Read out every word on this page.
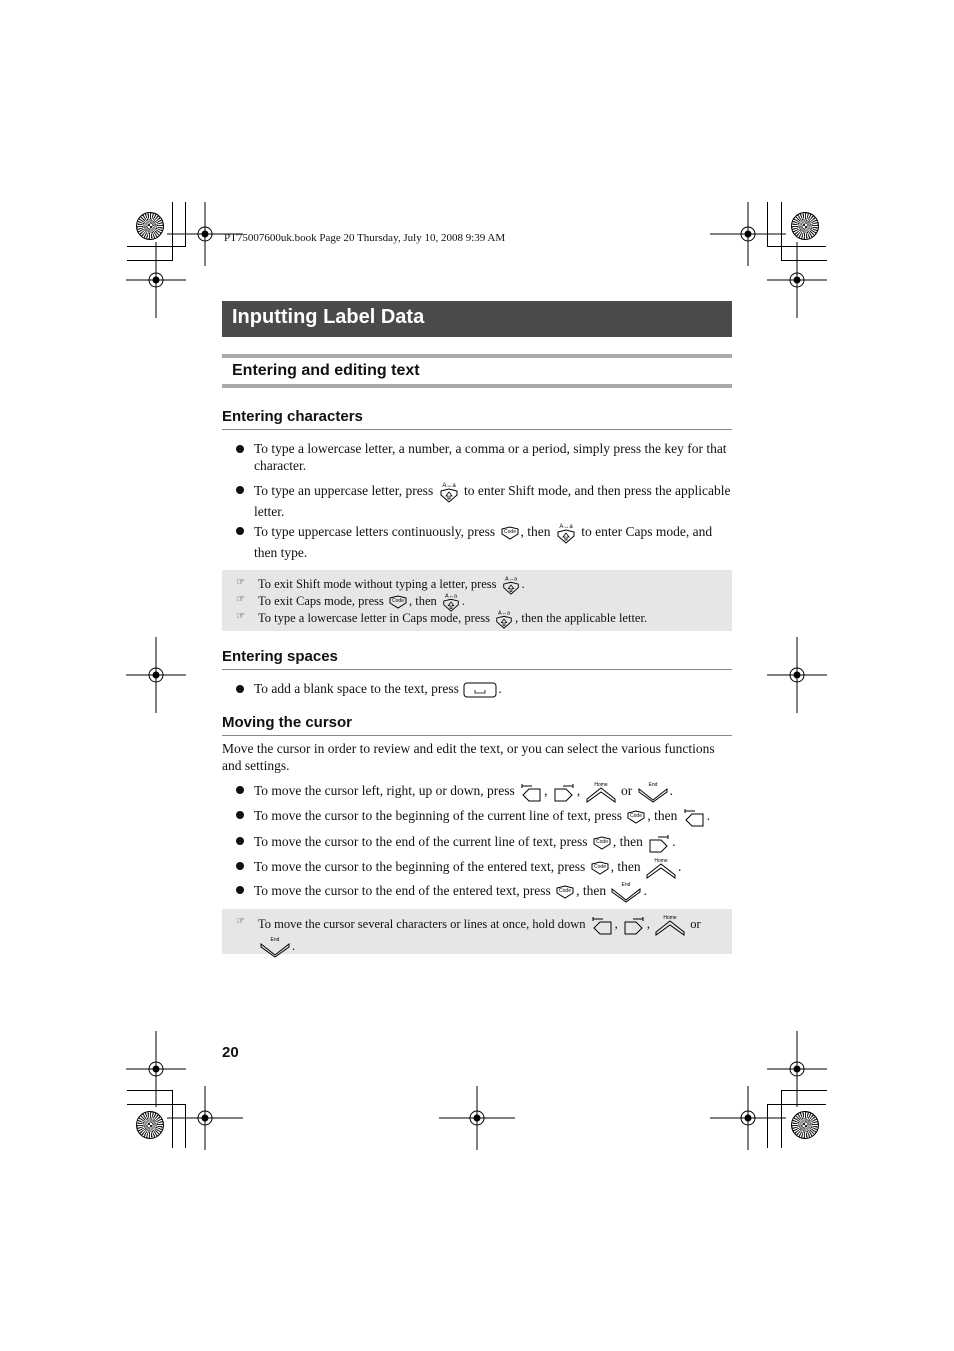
PT75007600uk.book Page 20 Thursday, July 10, 2008 9:39 AM
Inputting Label Data
Entering and editing text
Entering characters
To type a lowercase letter, a number, a comma or a period, simply press the key for that character.
To type an uppercase letter, press A↔a to enter Shift mode, and then press the applicable letter.
To type uppercase letters continuously, press Code , then A↔a to enter Caps mode, and then type.
☞ To exit Shift mode without typing a letter, press A↔a .
☞ To exit Caps mode, press Code , then A↔a .
☞ To type a lowercase letter in Caps mode, press A↔a , then the applicable letter.
Entering spaces
To add a blank space to the text, press	.
Moving the cursor
Move the cursor in order to review and edit the text, or you can select the various functions and settings.
To move the cursor left, right, up or down, press , ,	Home or	End .
To move the cursor to the beginning of the current line of text, press Code , then .
To move the cursor to the end of the current line of text, press Code , then .
To move the cursor to the beginning of the entered text, press Code , then	Home .
To move the cursor to the end of the entered text, press Code , then	End .
☞ To move the cursor several characters or lines at once, hold down , ,	Home or
End .
20
